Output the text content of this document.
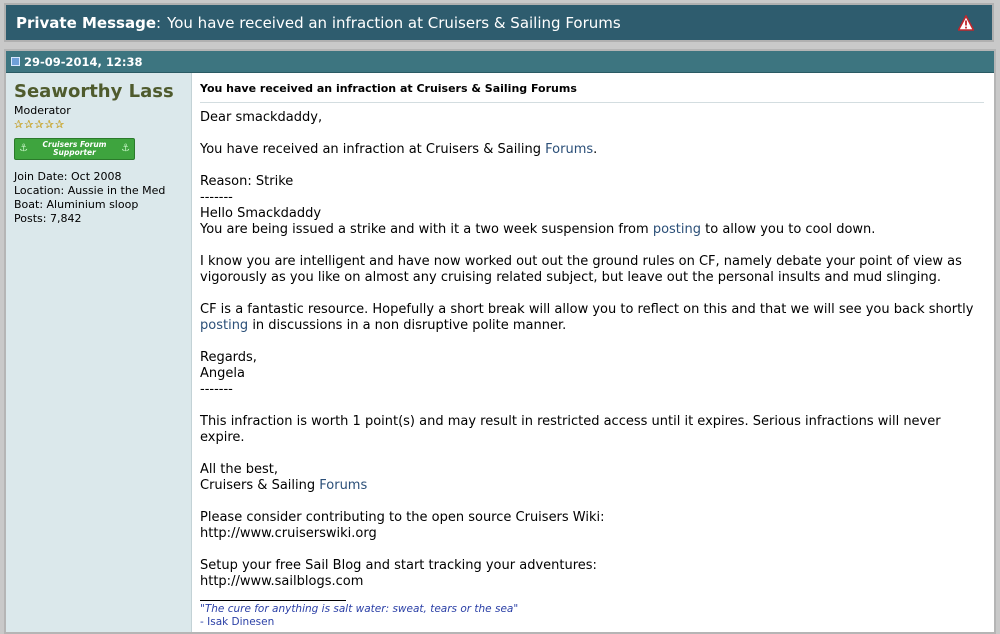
Private Message : You have received an infraction at Cruisers & Sailing Forums
29-09-2014, 12:38
Seaworthy Lass
Moderator
✰ ✰ ✰ ✰ ✰
⚓ Cruisers Forum
Supporter	⚓
Join Date: Oct 2008
Location: Aussie in the Med
Boat: Aluminium sloop
Posts: 7,842
You have received an infraction at Cruisers & Sailing Forums

Dear smackdaddy,

You have received an infraction at Cruisers & Sailing Forums.

Reason: Strike
-------
Hello Smackdaddy
You are being issued a strike and with it a two week suspension from posting to allow you to cool down.

I know you are intelligent and have now worked out out the ground rules on CF, namely debate your point of view as vigorously as you like on almost any cruising related subject, but leave out the personal insults and mud slinging.

CF is a fantastic resource. Hopefully a short break will allow you to reflect on this and that we will see you back shortly posting in discussions in a non disruptive polite manner.

Regards,
Angela
-------

This infraction is worth 1 point(s) and may result in restricted access until it expires. Serious infractions will never expire.

All the best,
Cruisers & Sailing Forums

Please consider contributing to the open source Cruisers Wiki:
http://www.cruiserswiki.org

Setup your free Sail Blog and start tracking your adventures:
http://www.sailblogs.com

"The cure for anything is salt water: sweat, tears or the sea"
- Isak Dinesen
